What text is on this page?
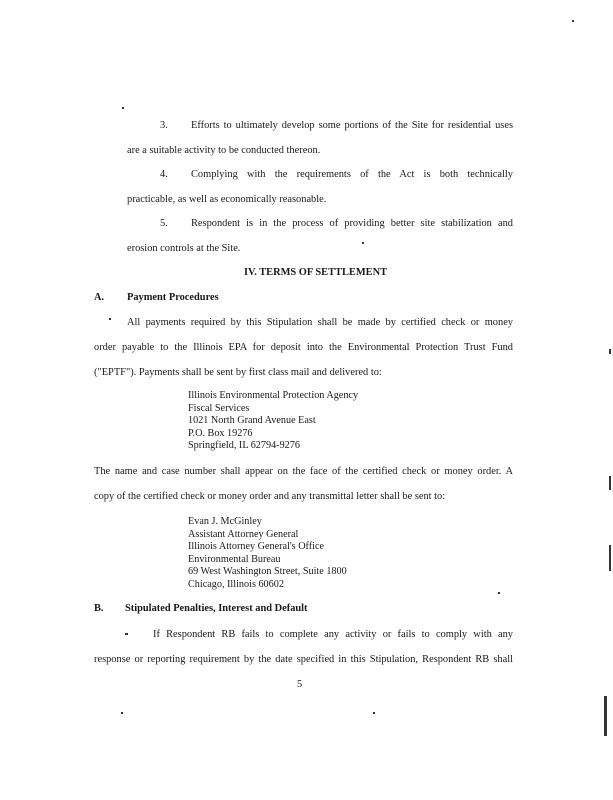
3. Efforts to ultimately develop some portions of the Site for residential uses
are a suitable activity to be conducted thereon.
4. Complying with the requirements of the Act is both technically
practicable, as well as economically reasonable.
5. Respondent is in the process of providing better site stabilization and
erosion controls at the Site.
IV. TERMS OF SETTLEMENT
A. Payment Procedures
All payments required by this Stipulation shall be made by certified check or money
order payable to the Illinois EPA for deposit into the Environmental Protection Trust Fund
("EPTF"). Payments shall be sent by first class mail and delivered to:
Illinois Environmental Protection Agency
Fiscal Services
1021 North Grand Avenue East
P.O. Box 19276
Springfield, IL 62794-9276
The name and case number shall appear on the face of the certified check or money order. A
copy of the certified check or money order and any transmittal letter shall be sent to:
Evan J. McGinley
Assistant Attorney General
Illinois Attorney General's Office
Environmental Bureau
69 West Washington Street, Suite 1800
Chicago, Illinois 60602
B. Stipulated Penalties, Interest and Default
If Respondent RB fails to complete any activity or fails to comply with any
response or reporting requirement by the date specified in this Stipulation, Respondent RB shall
5
